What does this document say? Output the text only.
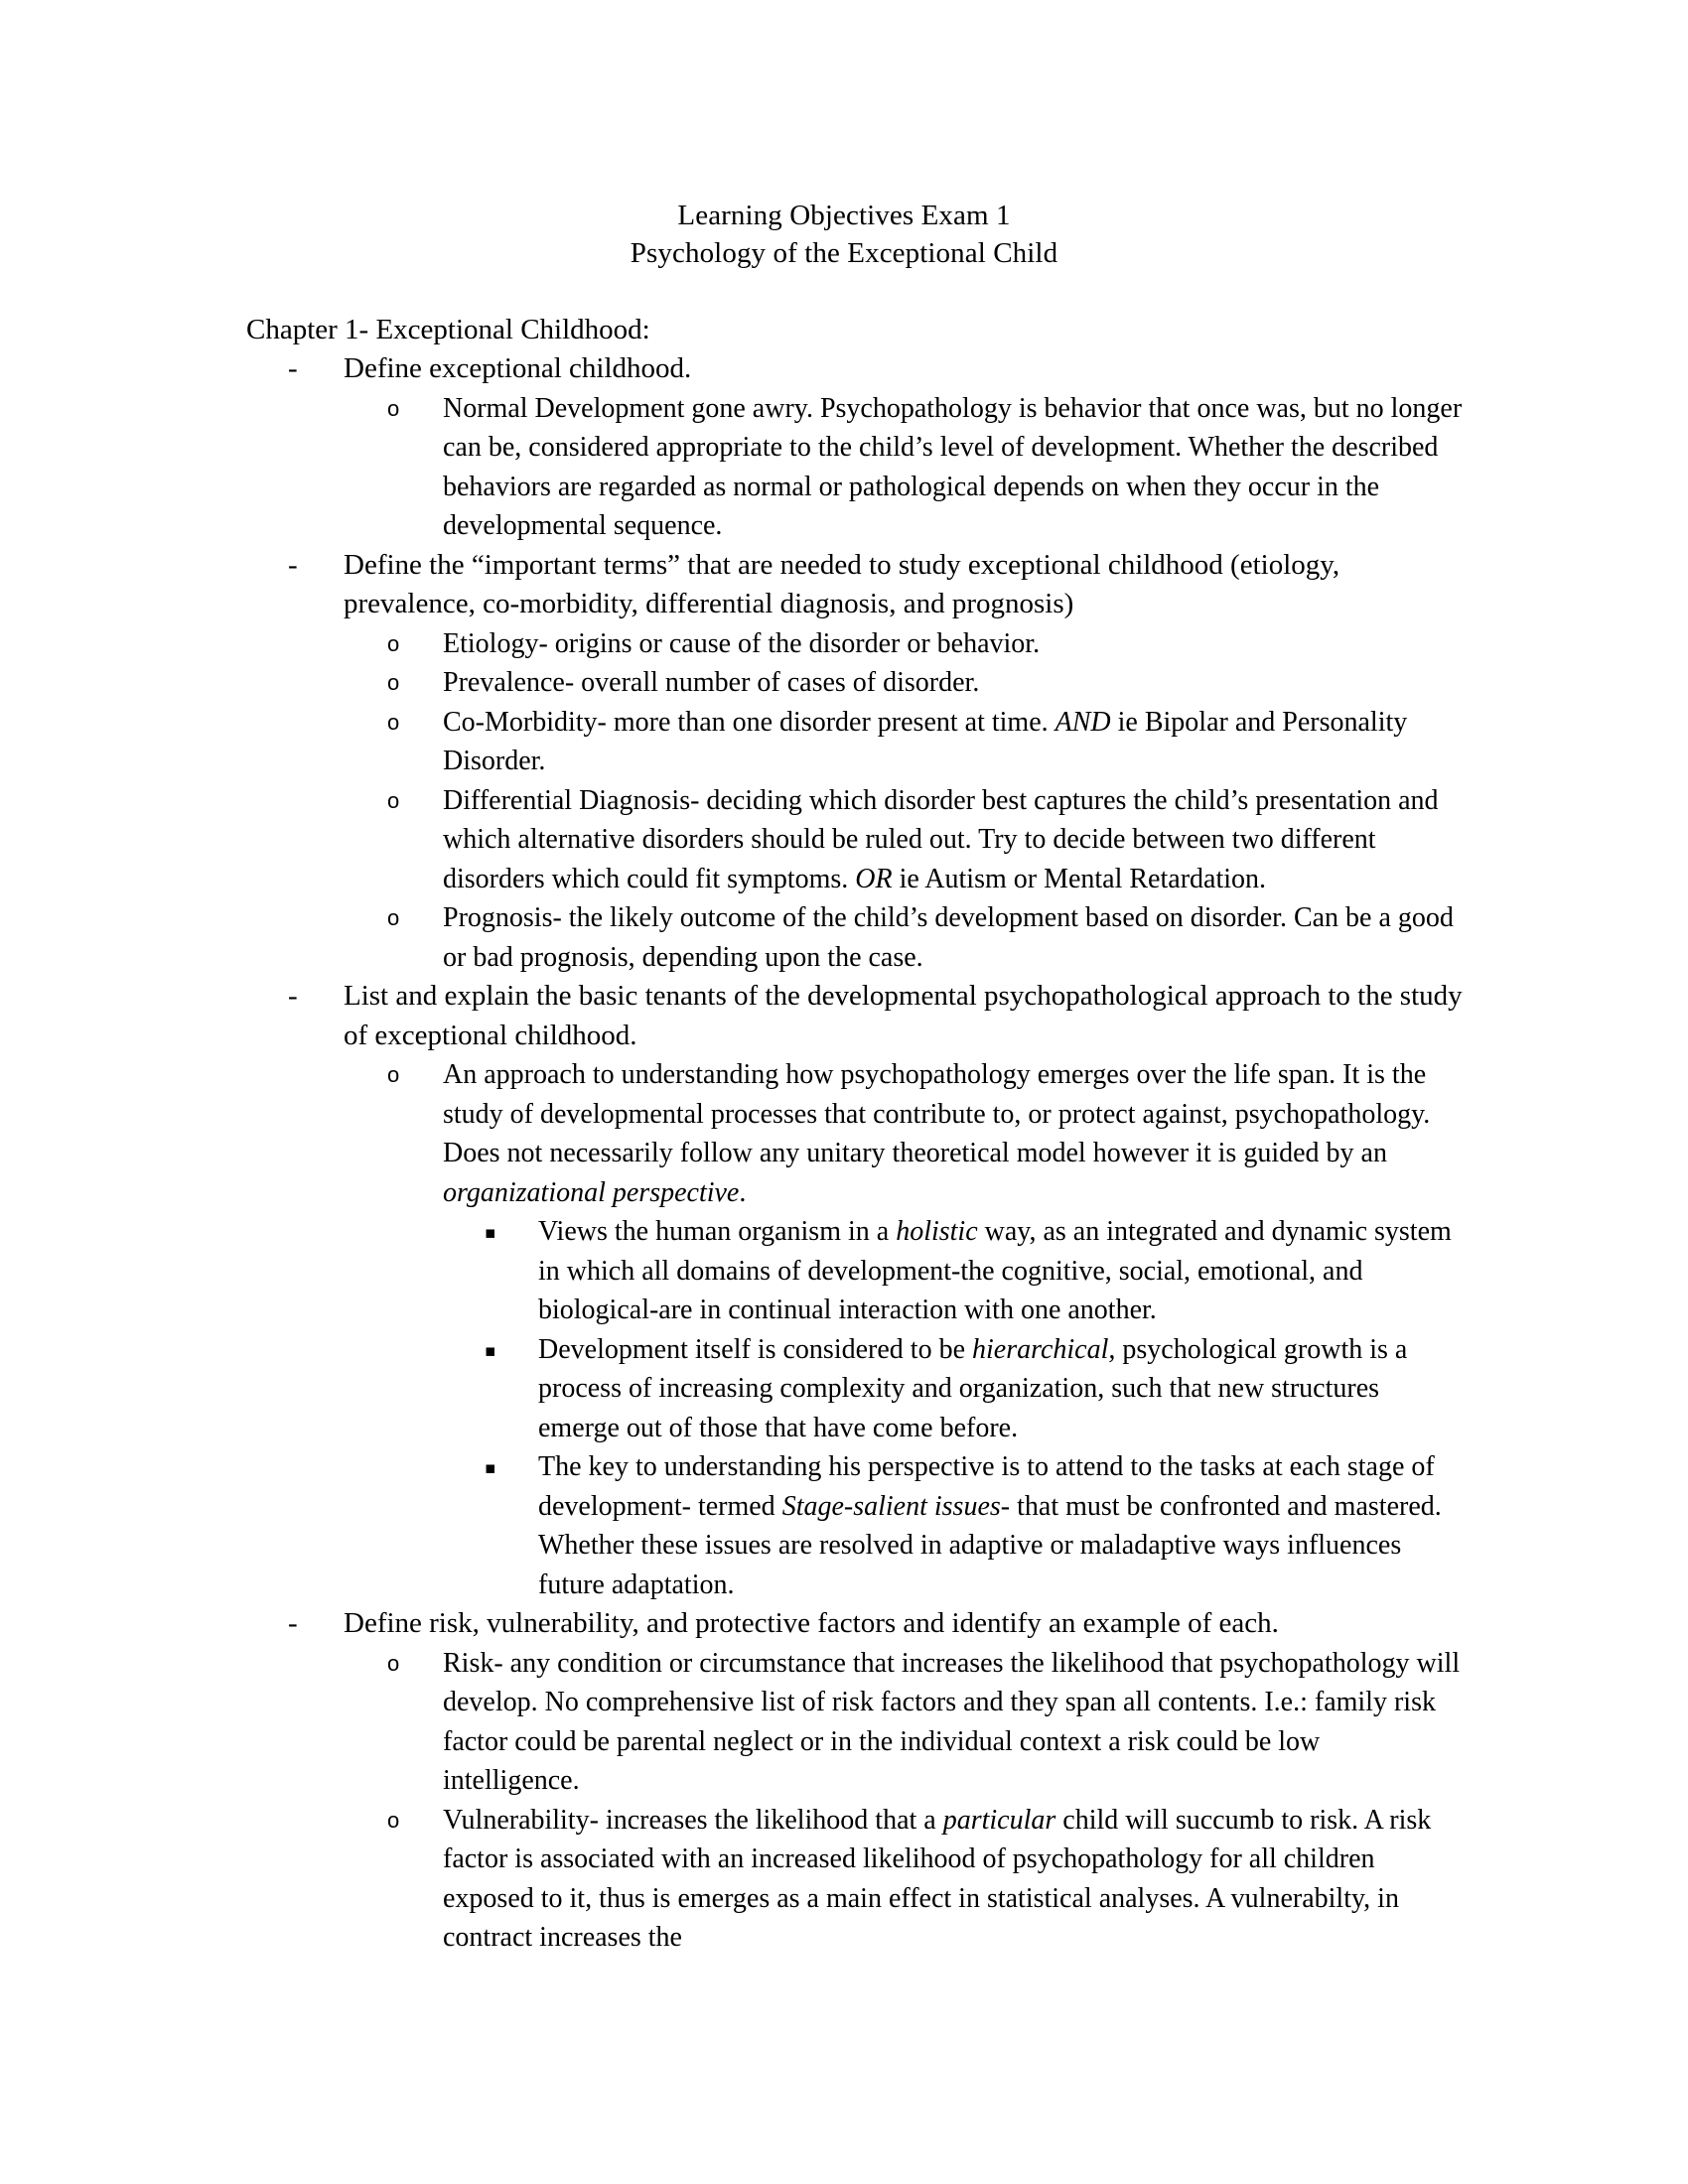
Learning Objectives Exam 1
Psychology of the Exceptional Child
Chapter 1- Exceptional Childhood:
- Define exceptional childhood.
o Normal Development gone awry. Psychopathology is behavior that once was, but no longer can be, considered appropriate to the child’s level of development. Whether the described behaviors are regarded as normal or pathological depends on when they occur in the developmental sequence.
- Define the “important terms” that are needed to study exceptional childhood (etiology, prevalence, co-morbidity, differential diagnosis, and prognosis)
o Etiology- origins or cause of the disorder or behavior.
o Prevalence- overall number of cases of disorder.
o Co-Morbidity- more than one disorder present at time. AND ie Bipolar and Personality Disorder.
o Differential Diagnosis- deciding which disorder best captures the child’s presentation and which alternative disorders should be ruled out. Try to decide between two different disorders which could fit symptoms. OR ie Autism or Mental Retardation.
o Prognosis- the likely outcome of the child’s development based on disorder. Can be a good or bad prognosis, depending upon the case.
- List and explain the basic tenants of the developmental psychopathological approach to the study of exceptional childhood.
o An approach to understanding how psychopathology emerges over the life span. It is the study of developmental processes that contribute to, or protect against, psychopathology. Does not necessarily follow any unitary theoretical model however it is guided by an organizational perspective.
▪ Views the human organism in a holistic way, as an integrated and dynamic system in which all domains of development-the cognitive, social, emotional, and biological-are in continual interaction with one another.
▪ Development itself is considered to be hierarchical, psychological growth is a process of increasing complexity and organization, such that new structures emerge out of those that have come before.
▪ The key to understanding his perspective is to attend to the tasks at each stage of development- termed Stage-salient issues- that must be confronted and mastered. Whether these issues are resolved in adaptive or maladaptive ways influences future adaptation.
- Define risk, vulnerability, and protective factors and identify an example of each.
o Risk- any condition or circumstance that increases the likelihood that psychopathology will develop. No comprehensive list of risk factors and they span all contents. I.e.: family risk factor could be parental neglect or in the individual context a risk could be low intelligence.
o Vulnerability- increases the likelihood that a particular child will succumb to risk. A risk factor is associated with an increased likelihood of psychopathology for all children exposed to it, thus is emerges as a main effect in statistical analyses. A vulnerabilty, in contract increases the
